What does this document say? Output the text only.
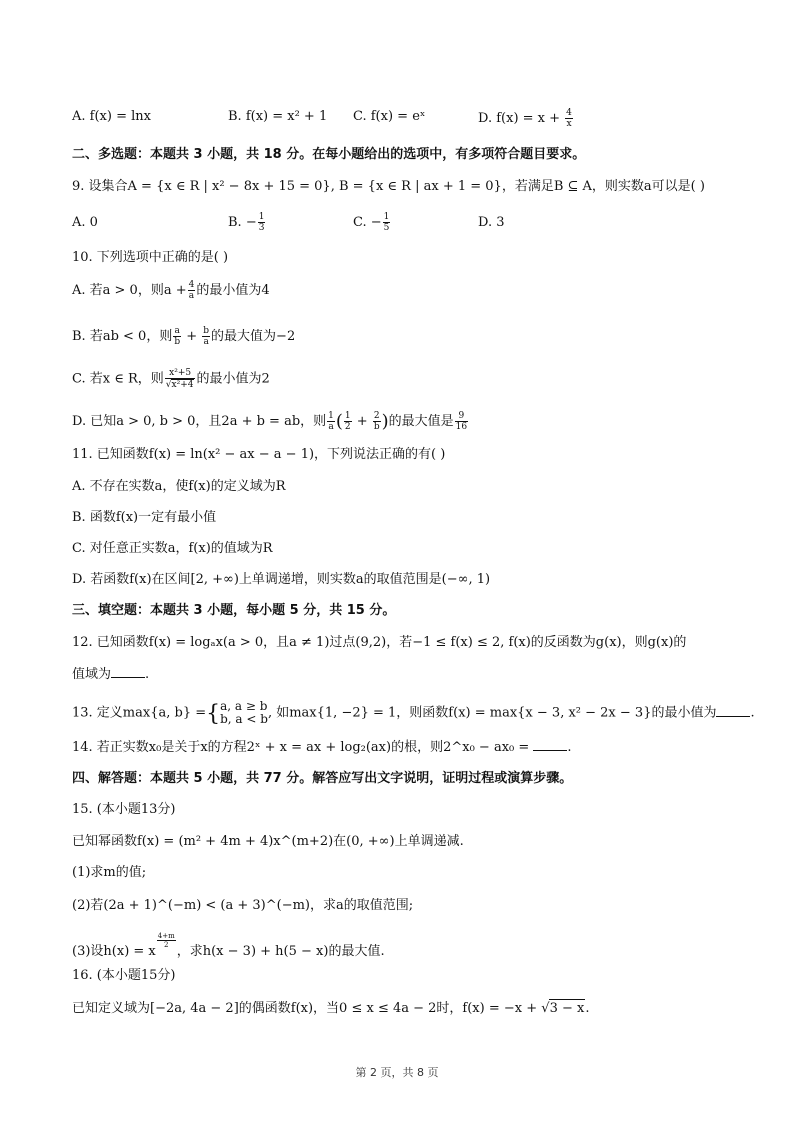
A. f(x) = lnx	B. f(x) = x² + 1 C. f(x) = eˣ	D. $f(x) = x + \frac{4}{x}$
二、多选题：本题共 3 小题，共 18 分。在每小题给出的选项中，有多项符合题目要求。
9. 设集合A = {x ∈ R | x² − 8x + 15 = 0}, B = {x ∈ R | ax + 1 = 0}，若满足B ⊆ A，则实数a可以是( )
A. 0	B. − $\frac{1}{3}$	C. − $\frac{1}{5}$	D. 3
10. 下列选项中正确的是( )
A. 若a > 0，则$a + \frac{4}{a}$ 的最小值为4
B. 若ab < 0，则 $\frac{a}{b} + \frac{b}{a}$ 的最大值为−2
C. 若x ∈ R，则 $\frac{\text{x²+5}}{\text{√x²+4}}$ 的最小值为2
D. 已知a > 0, b > 0，且2a + b = ab，则 $\frac{1}{a}$ ( $\frac{1}{2} + \frac{2}{b}$ )的最大值是 $\frac{9}{16}$
11. 已知函数f(x) = ln(x² − ax − a − 1)，下列说法正确的有( )
A. 不存在实数a，使f(x)的定义域为R
B. 函数f(x)一定有最小值
C. 对任意正实数a，f(x)的值域为R
D. 若函数f(x)在区间[2, +∞)上单调递增，则实数a的取值范围是(−∞, 1)
三、填空题：本题共 3 小题，每小题 5 分，共 15 分。
12. 已知函数f(x) = logₐx(a > 0，且a ≠ 1)过点(9,2)，若−1 ≤ f(x) ≤ 2, f(x)的反函数为g(x)，则g(x)的
值域为	.
13. 定义max{a, b} ={ a, a ≥ b
b, a < b , 如max{1, −2} = 1，则函数f(x) = max{x − 3, x² − 2x − 3}的最小值为	.
14. 若正实数x₀是关于x的方程2ˣ + x = ax + log₂(ax)的根，则2^x₀ − ax₀ =	.
四、解答题：本题共 5 小题，共 77 分。解答应写出文字说明，证明过程或演算步骤。
15. (本小题13分)
已知幂函数f(x) = (m² + 4m + 4)x^(m+2)在(0, +∞)上单调递减.
(1)求m的值;
(2)若(2a + 1)^(−m) < (a + 3)^(−m)，求a的取值范围;
(3)设h(x) = x
$\frac{4+m}{2}$
，求h(x − 3) + h(5 − x)的最大值.
16. (本小题15分)
已知定义域为[−2a, 4a − 2]的偶函数f(x)，当0 ≤ x ≤ 4a − 2时，f(x) = −x + √3 − x.
第 2 页，共 8 页
